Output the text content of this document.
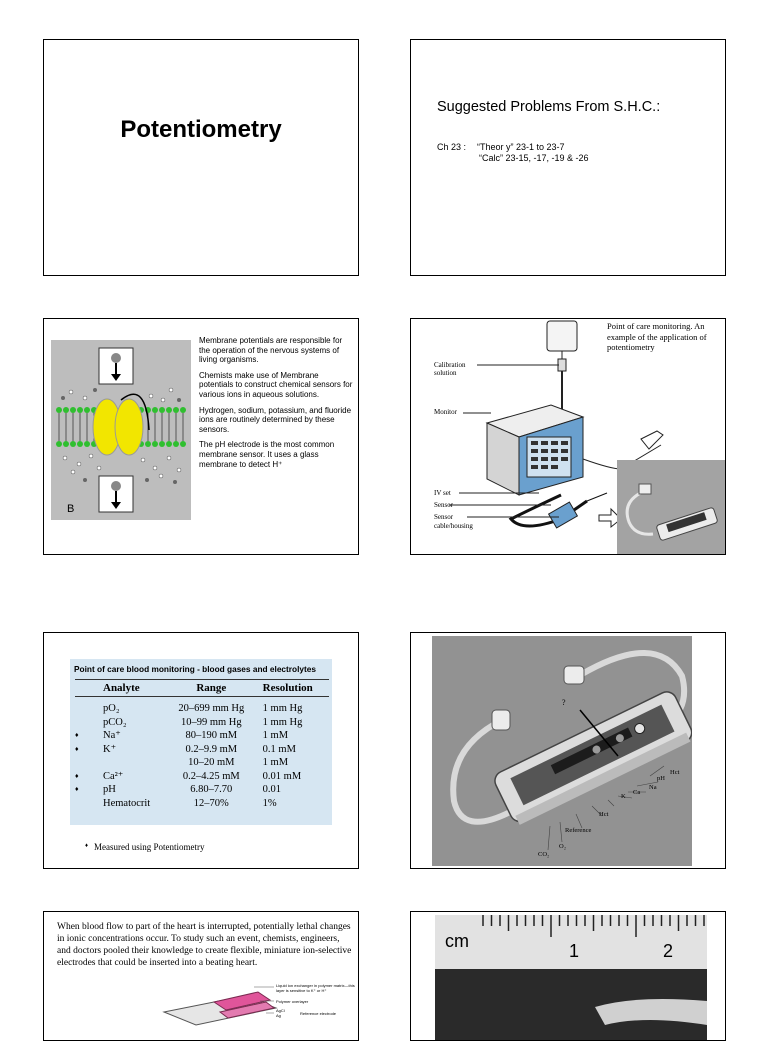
Potentiometry
Suggested Problems From S.H.C.:
Ch 23 : “Theor y” 23-1 to 23-7
“Calc” 23-15, -17, -19 & -26
B

Membrane potentials are responsible for the operation of the nervous systems of living organisms.

Chemists make use of Membrane potentials to construct chemical sensors for various ions in aqueous solutions.

Hydrogen, sodium, potassium, and fluoride ions are routinely determined by these sensors.

The pH electrode is the most common membrane sensor. It uses a glass membrane to detect H⁺

Point of care monitoring. An example of the application of potentiometry
Calibration solution
Monitor
IV set
Sensor
Sensor cable/housing
Point of care blood monitoring - blood gases and electrolytes
	Analyte	Range	Resolution
	pO₂	20–699 mm Hg	1 mm Hg
	pCO₂	10–99 mm Hg	1 mm Hg
♦	Na⁺	80–190 mM	1 mM
♦	K⁺	0.2–9.9 mM	0.1 mM
		10–20 mM	1 mM
♦	Ca²⁺	0.2–4.25 mM	0.01 mM
♦	pH	6.80–7.70	0.01
	Hematocrit	12–70%	1%
♦ Measured using Potentiometry
?
Hct
pH
Na
Ca
K
Hct
Reference
O₂
CO₂
When blood flow to part of the heart is interrupted, potentially lethal changes in ionic concentrations occur. To study such an event, chemists, engineers, and doctors pooled their knowledge to create flexible, miniature ion-selective electrodes that could be inserted into a beating heart.
Liquid ion exchanger in polymer matrix—this layer is sensitive to K⁺ or H⁺
Polymer overlayer
AgCl
Ag	Reference electrode
cm	1	2
